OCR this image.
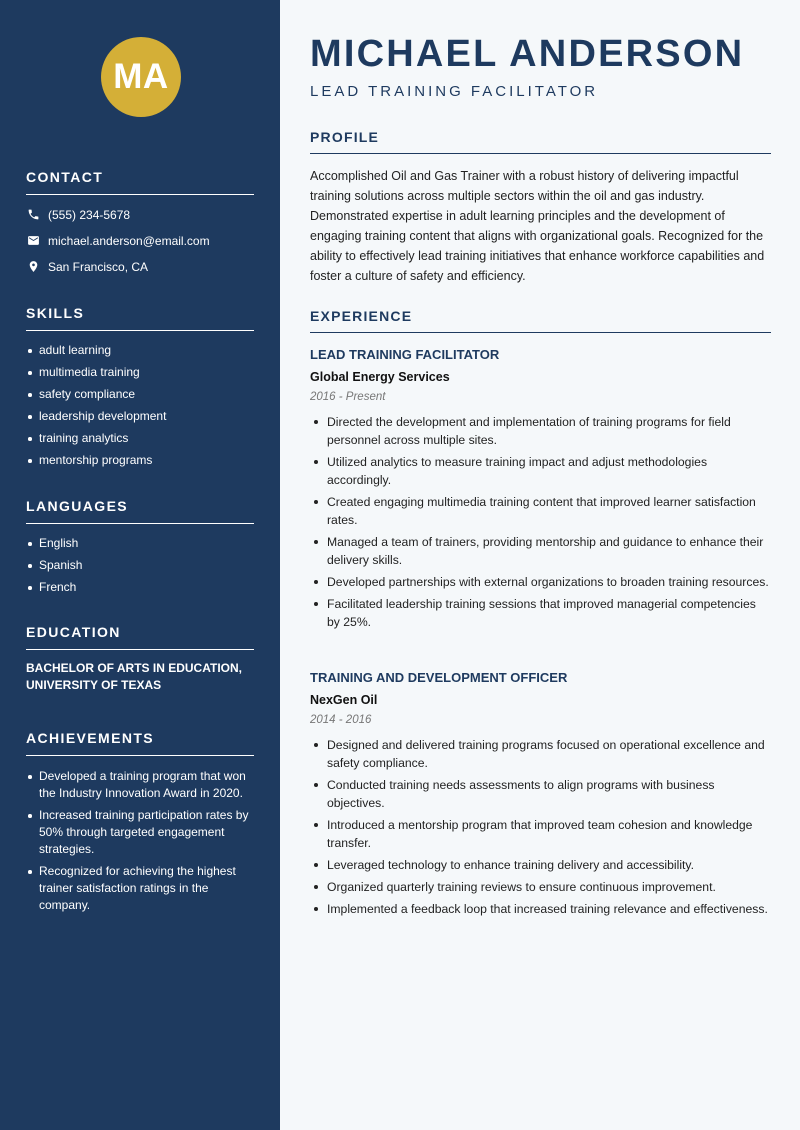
MA
CONTACT
(555) 234-5678
michael.anderson@email.com
San Francisco, CA
SKILLS
adult learning
multimedia training
safety compliance
leadership development
training analytics
mentorship programs
LANGUAGES
English
Spanish
French
EDUCATION
BACHELOR OF ARTS IN EDUCATION, UNIVERSITY OF TEXAS
ACHIEVEMENTS
Developed a training program that won the Industry Innovation Award in 2020.
Increased training participation rates by 50% through targeted engagement strategies.
Recognized for achieving the highest trainer satisfaction ratings in the company.
MICHAEL ANDERSON
LEAD TRAINING FACILITATOR
PROFILE

Accomplished Oil and Gas Trainer with a robust history of delivering impactful training solutions across multiple sectors within the oil and gas industry. Demonstrated expertise in adult learning principles and the development of engaging training content that aligns with organizational goals. Recognized for the ability to effectively lead training initiatives that enhance workforce capabilities and foster a culture of safety and efficiency.

EXPERIENCE
LEAD TRAINING FACILITATOR
Global Energy Services
2016 - Present
Directed the development and implementation of training programs for field personnel across multiple sites.
Utilized analytics to measure training impact and adjust methodologies accordingly.
Created engaging multimedia training content that improved learner satisfaction rates.
Managed a team of trainers, providing mentorship and guidance to enhance their delivery skills.
Developed partnerships with external organizations to broaden training resources.
Facilitated leadership training sessions that improved managerial competencies by 25%.
TRAINING AND DEVELOPMENT OFFICER
NexGen Oil
2014 - 2016
Designed and delivered training programs focused on operational excellence and safety compliance.
Conducted training needs assessments to align programs with business objectives.
Introduced a mentorship program that improved team cohesion and knowledge transfer.
Leveraged technology to enhance training delivery and accessibility.
Organized quarterly training reviews to ensure continuous improvement.
Implemented a feedback loop that increased training relevance and effectiveness.
